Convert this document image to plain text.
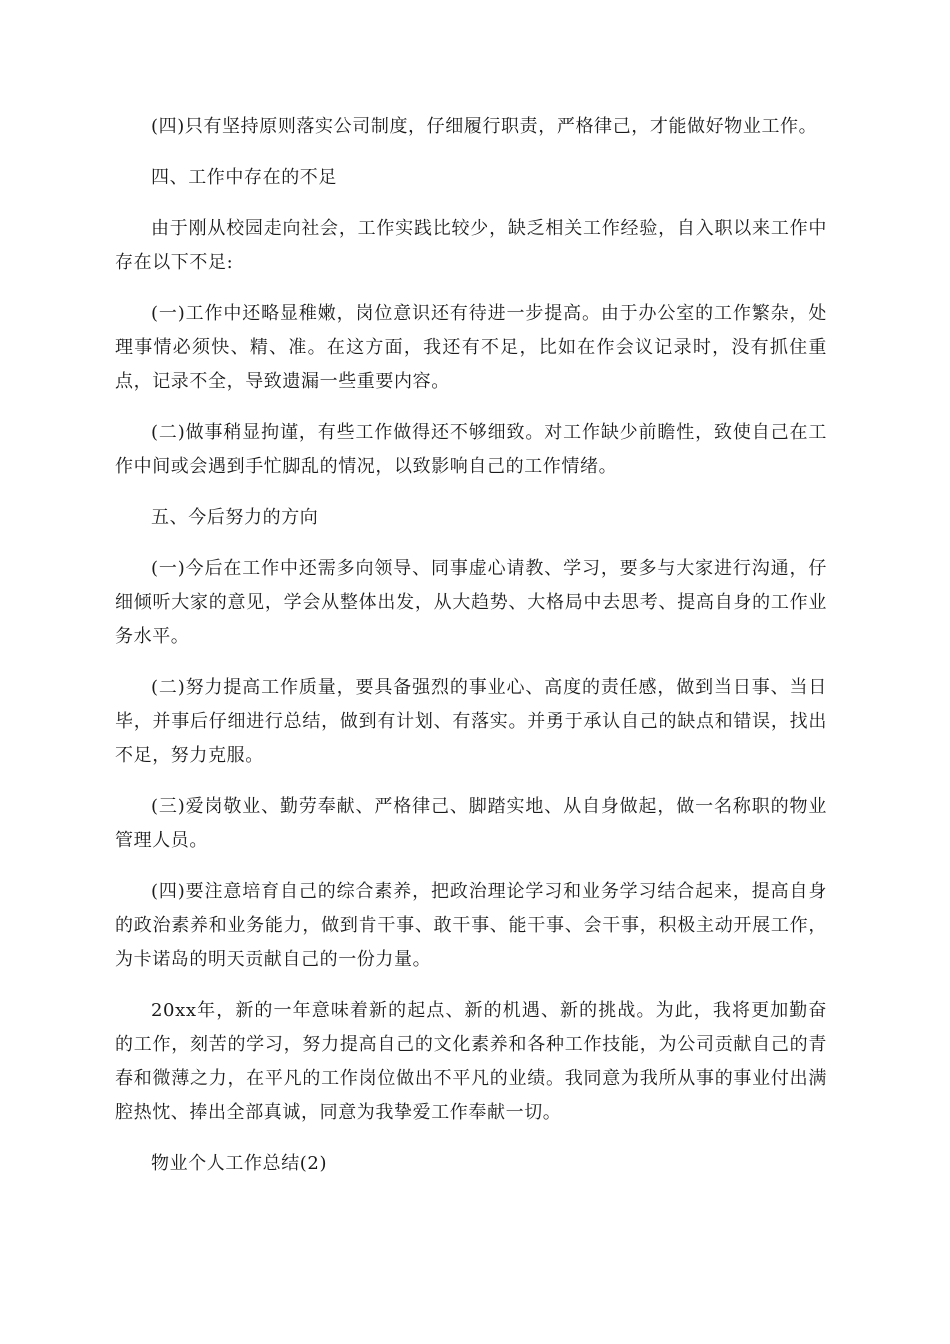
(四)只有坚持原则落实公司制度，仔细履行职责，严格律己，才能做好物业工作。

四、工作中存在的不足

由于刚从校园走向社会，工作实践比较少，缺乏相关工作经验，自入职以来工作中存在以下不足:

(一)工作中还略显稚嫩，岗位意识还有待进一步提高。由于办公室的工作繁杂，处理事情必须快、精、准。在这方面，我还有不足，比如在作会议记录时，没有抓住重点，记录不全，导致遗漏一些重要内容。

(二)做事稍显拘谨，有些工作做得还不够细致。对工作缺少前瞻性，致使自己在工作中间或会遇到手忙脚乱的情况，以致影响自己的工作情绪。

五、今后努力的方向

(一)今后在工作中还需多向领导、同事虚心请教、学习，要多与大家进行沟通，仔细倾听大家的意见，学会从整体出发，从大趋势、大格局中去思考、提高自身的工作业务水平。

(二)努力提高工作质量，要具备强烈的事业心、高度的责任感，做到当日事、当日毕，并事后仔细进行总结，做到有计划、有落实。并勇于承认自己的缺点和错误，找出不足，努力克服。

(三)爱岗敬业、勤劳奉献、严格律己、脚踏实地、从自身做起，做一名称职的物业管理人员。

(四)要注意培育自己的综合素养，把政治理论学习和业务学习结合起来，提高自身的政治素养和业务能力，做到肯干事、敢干事、能干事、会干事，积极主动开展工作，为卡诺岛的明天贡献自己的一份力量。

20xx年，新的一年意味着新的起点、新的机遇、新的挑战。为此，我将更加勤奋的工作，刻苦的学习，努力提高自己的文化素养和各种工作技能，为公司贡献自己的青春和微薄之力，在平凡的工作岗位做出不平凡的业绩。我同意为我所从事的事业付出满腔热忱、捧出全部真诚，同意为我挚爱工作奉献一切。

物业个人工作总结(2)
